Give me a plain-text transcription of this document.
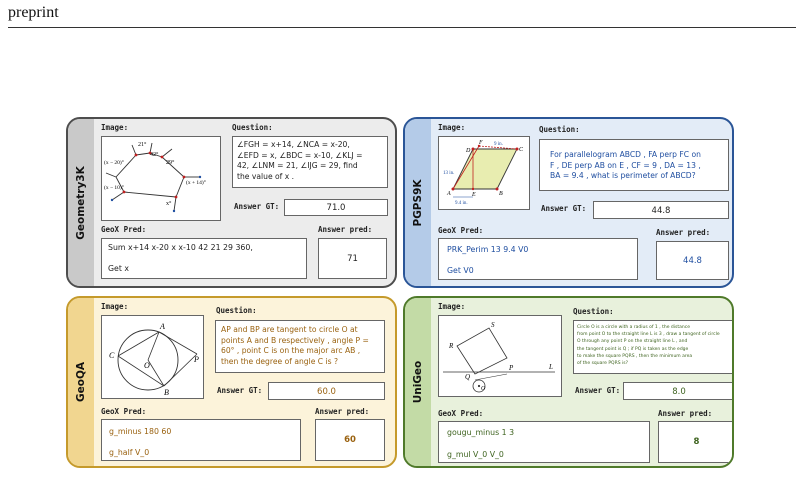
preprint
Geometry3K
Image:
21°
42°
29°
(x − 20)°
(x + 14)°
(x − 10)°
x°
Question:
∠FGH = x+14, ∠NCA = x-20,
∠EFD = x, ∠BDC = x-10, ∠KLJ =
42, ∠LNM = 21, ∠IJG = 29, find
the value of x .
Answer GT:	71.0
GeoX Pred:
Sum x+14 x-20 x x-10 42 21 29 360,
Get x
Answer pred:
71
PGPS9K
Image:
A	B
C
D
E
F
13 in.
9 in.
9.4 in.
Question:
For parallelogram ABCD , FA perp FC on
F , DE perp AB on E , CF = 9 , DA = 13 ,
BA = 9.4 , what is perimeter of ABCD?
Answer GT:	44.8
GeoX Pred:
PRK_Perim 13 9.4 V0
Get V0
Answer pred:
44.8
GeoQA
Image:
A
B
C
O
P
Question:
AP and BP are tangent to circle O at
points A and B respectively , angle P =
60° , point C is on the major arc AB ,
then the degree of angle C is ?
Answer GT:	60.0
GeoX Pred:
g_minus 180 60
g_half V_0
Answer pred:
60
UniGeo
Image:
S
R
Q
P	L
O
Question:
Circle O is a circle with a radius of 1 , the distance
from point O to the straight line L is 3 , draw a tangent of circle
O through any point P on the straight line L , and
the tangent point is Q ; if PQ is taken as the edge
to make the square PQRS , then the minimum area
of the square PQRS is?
Answer GT:	8.0
GeoX Pred:
gougu_minus 1 3
g_mul V_0 V_0
Answer pred:
8
